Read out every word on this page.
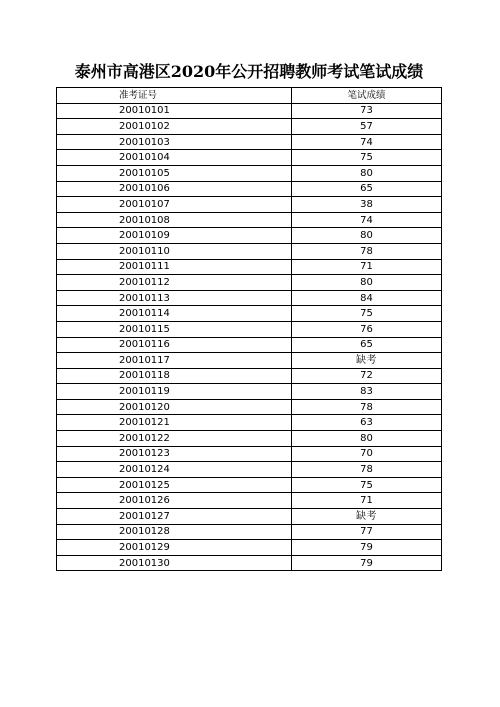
泰州市高港区2020年公开招聘教师考试笔试成绩
准考证号	笔试成绩
20010101	73
20010102	57
20010103	74
20010104	75
20010105	80
20010106	65
20010107	38
20010108	74
20010109	80
20010110	78
20010111	71
20010112	80
20010113	84
20010114	75
20010115	76
20010116	65
20010117	缺考
20010118	72
20010119	83
20010120	78
20010121	63
20010122	80
20010123	70
20010124	78
20010125	75
20010126	71
20010127	缺考
20010128	77
20010129	79
20010130	79
